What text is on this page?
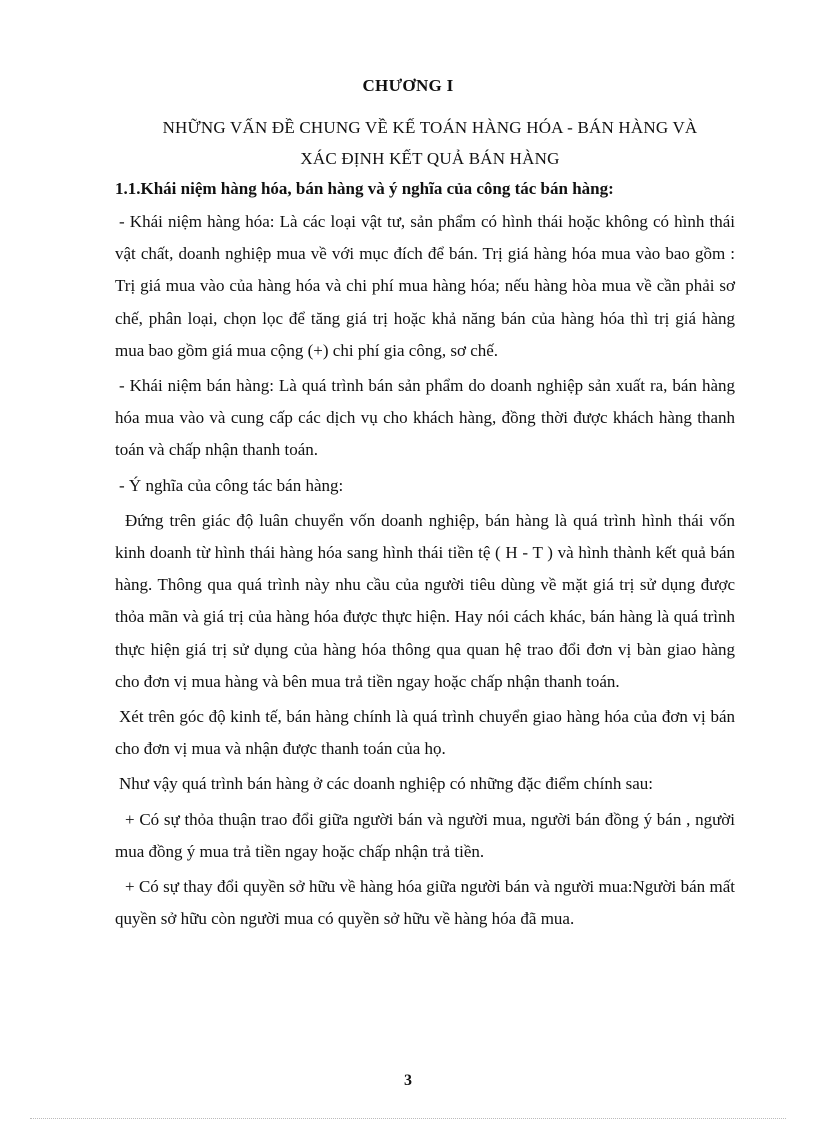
CHƯƠNG I
NHỮNG VẤN ĐỀ CHUNG VỀ KẾ TOÁN HÀNG HÓA - BÁN HÀNG VÀ
XÁC ĐỊNH KẾT QUẢ BÁN HÀNG
1.1.Khái niệm hàng hóa, bán hàng và ý nghĩa của công tác bán hàng:

- Khái niệm hàng hóa: Là các loại vật tư, sản phẩm có hình thái hoặc không có hình thái vật chất, doanh nghiệp mua về với mục đích để bán. Trị giá hàng hóa mua vào bao gồm : Trị giá mua vào của hàng hóa và chi phí mua hàng hóa; nếu hàng hòa mua về cần phải sơ chế, phân loại, chọn lọc để tăng giá trị hoặc khả năng bán của hàng hóa thì trị giá hàng mua bao gồm giá mua cộng (+) chi phí gia công, sơ chế.

- Khái niệm bán hàng: Là quá trình bán sản phẩm do doanh nghiệp sản xuất ra, bán hàng hóa mua vào và cung cấp các dịch vụ cho khách hàng, đồng thời được khách hàng thanh toán và chấp nhận thanh toán.

- Ý nghĩa của công tác bán hàng:

Đứng trên giác độ luân chuyển vốn doanh nghiệp, bán hàng là quá trình hình thái vốn kinh doanh từ hình thái hàng hóa sang hình thái tiền tệ ( H - T ) và hình thành kết quả bán hàng. Thông qua quá trình này nhu cầu của người tiêu dùng về mặt giá trị sử dụng được thỏa mãn và giá trị của hàng hóa được thực hiện. Hay nói cách khác, bán hàng là quá trình thực hiện giá trị sử dụng của hàng hóa thông qua quan hệ trao đổi đơn vị bàn giao hàng cho đơn vị mua hàng và bên mua trả tiền ngay hoặc chấp nhận thanh toán.

Xét trên góc độ kinh tế, bán hàng chính là quá trình chuyển giao hàng hóa của đơn vị bán cho đơn vị mua và nhận được thanh toán của họ.

Như vậy quá trình bán hàng ở các doanh nghiệp có những đặc điểm chính sau:

+ Có sự thỏa thuận trao đổi giữa người bán và người mua, người bán đồng ý bán , người mua đồng ý mua trả tiền ngay hoặc chấp nhận trả tiền.

+ Có sự thay đổi quyền sở hữu về hàng hóa giữa người bán và người mua:Người bán mất quyền sở hữu còn người mua có quyền sở hữu về hàng hóa đã mua.

3
